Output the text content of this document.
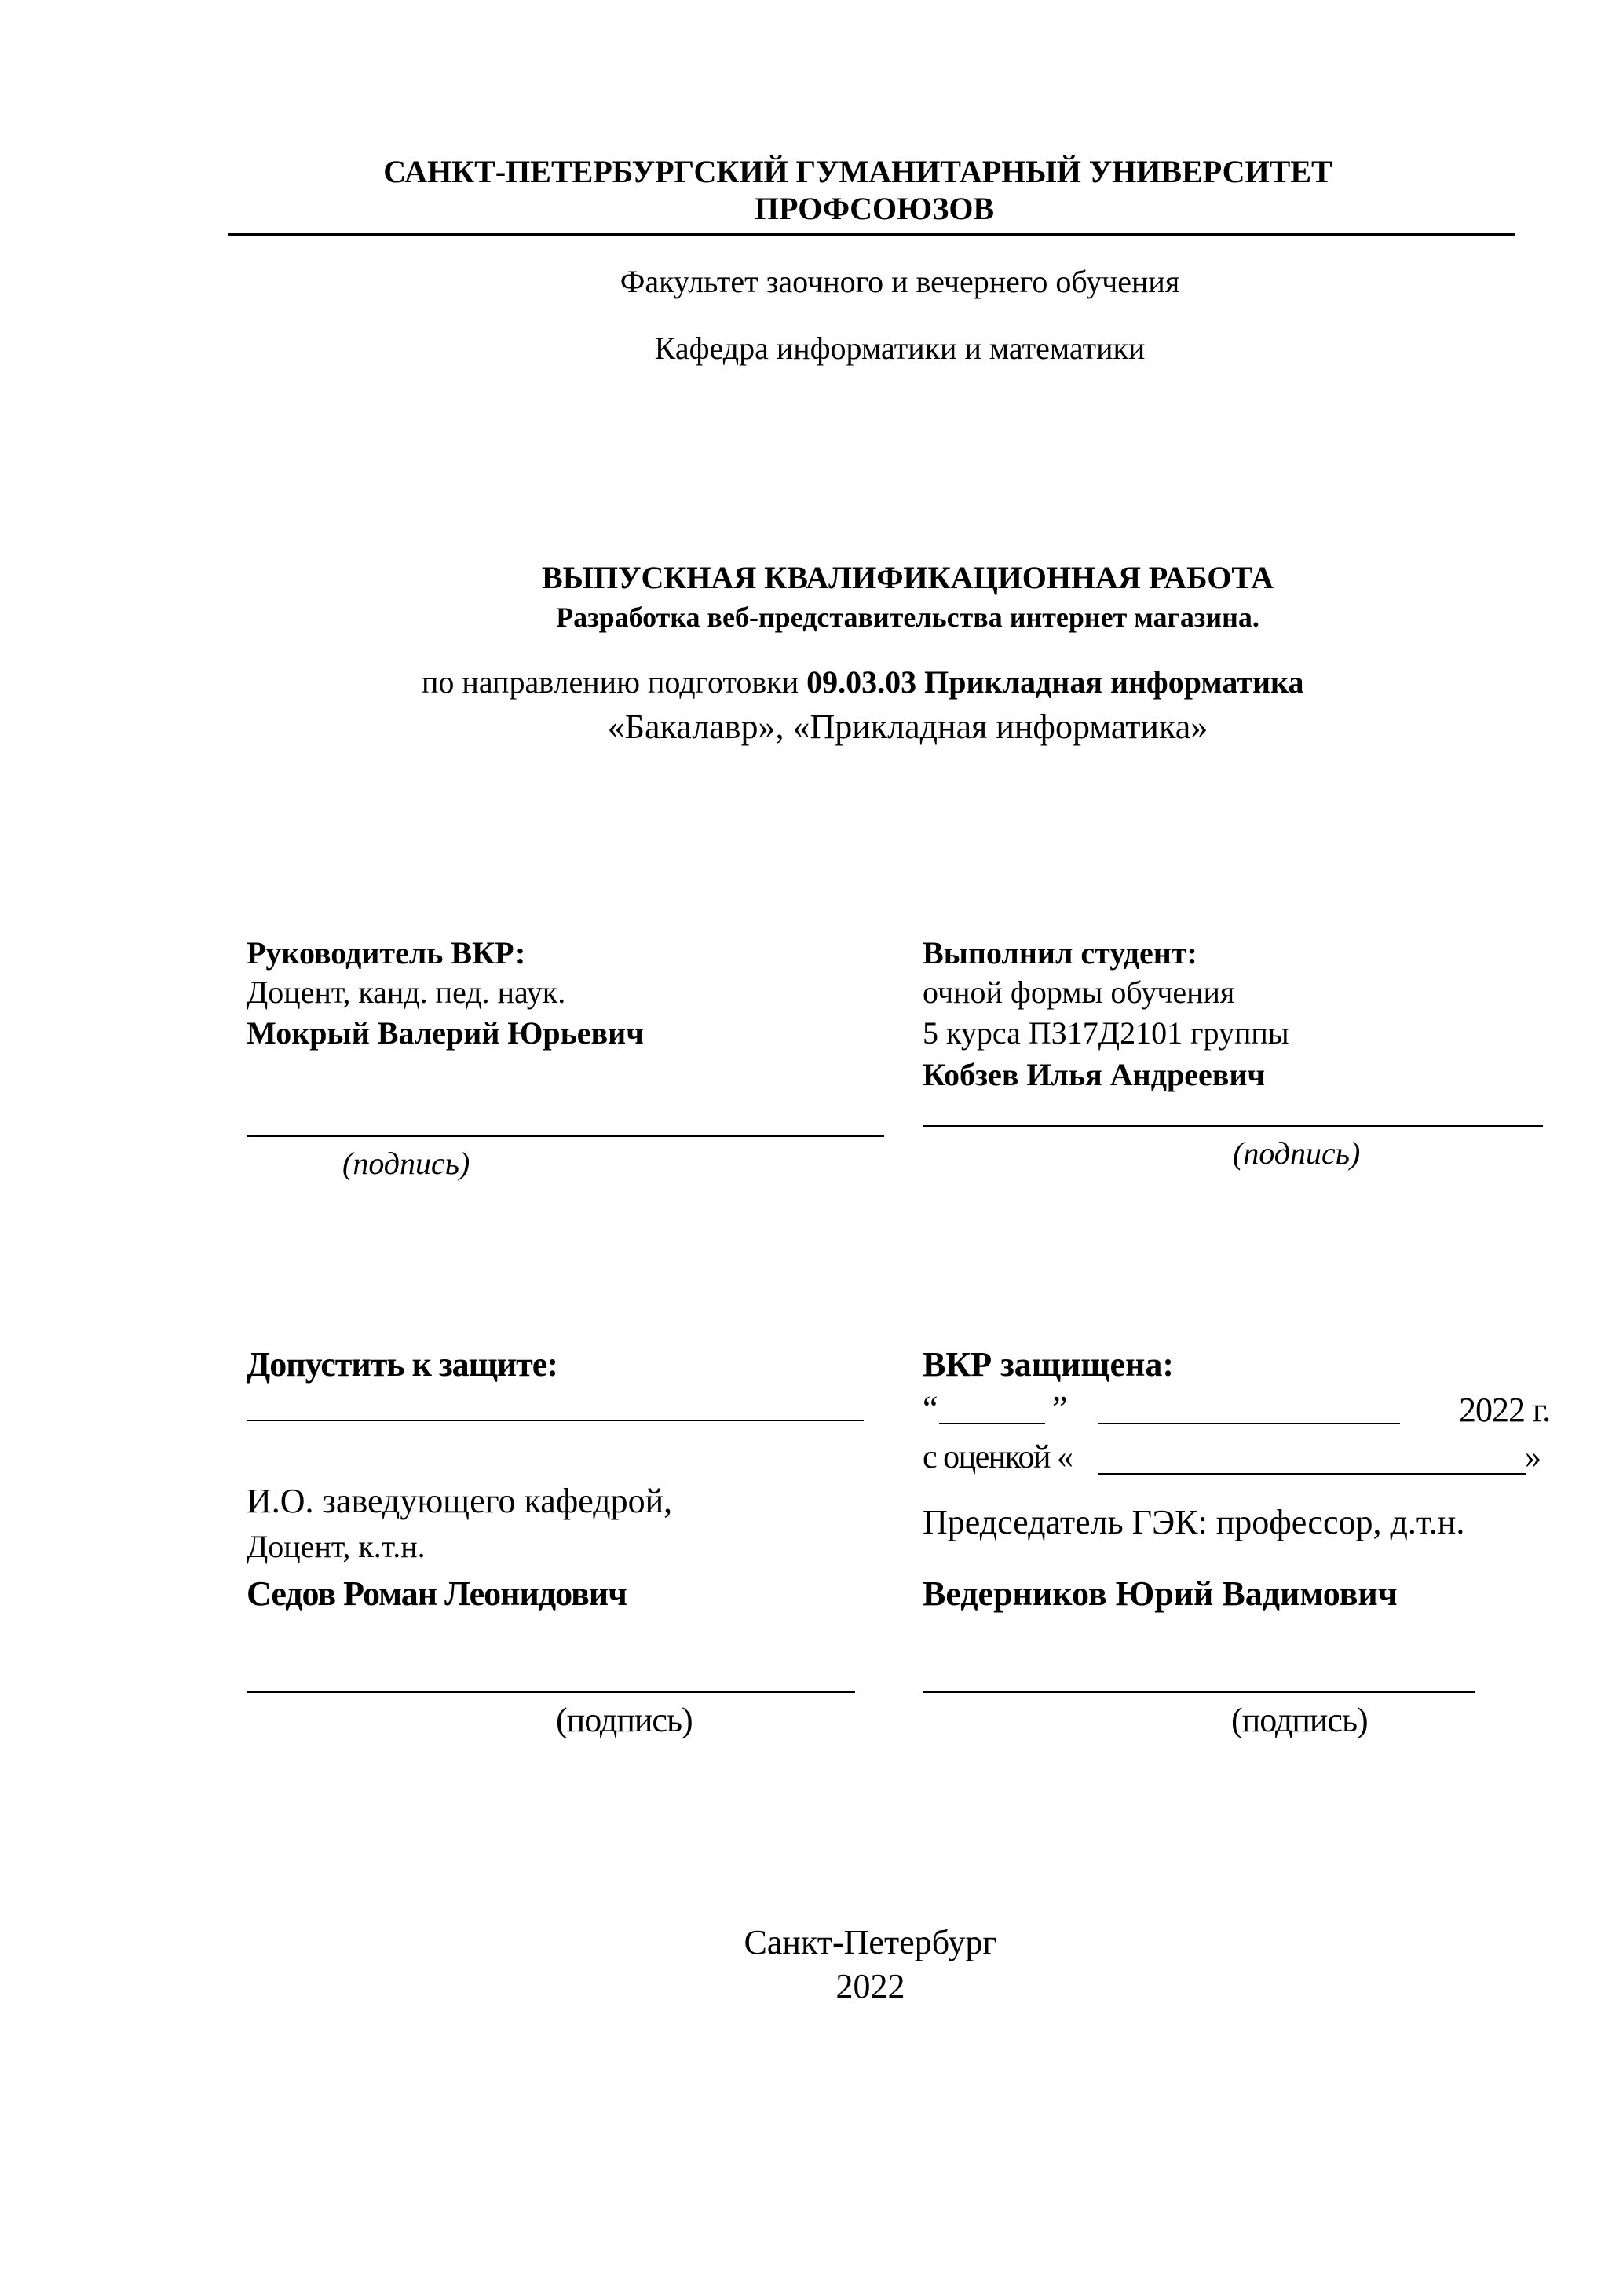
САНКТ-ПЕТЕРБУРГСКИЙ ГУМАНИТАРНЫЙ УНИВЕРСИТЕТ
ПРОФСОЮЗОВ
Факультет заочного и вечернего обучения
Кафедра информатики и математики
ВЫПУСКНАЯ КВАЛИФИКАЦИОННАЯ РАБОТА
Разработка веб-представительства интернет магазина.
по направлению подготовки 09.03.03 Прикладная информатика
«Бакалавр», «Прикладная информатика»
Руководитель ВКР:
Доцент, канд. пед. наук.
Мокрый Валерий Юрьевич
(подпись)
Выполнил студент:
очной формы обучения
5 курса ПЗ17Д2101 группы
Кобзев Илья Андреевич
(подпись)
Допустить к защите:
И.О. заведующего кафедрой,
Доцент, к.т.н.
Седов Роман Леонидович
(подпись)
ВКР защищена:
“	”	2022 г.
с оценкой «	»
Председатель ГЭК: профессор, д.т.н.
Ведерников Юрий Вадимович
(подпись)
Санкт-Петербург
2022
